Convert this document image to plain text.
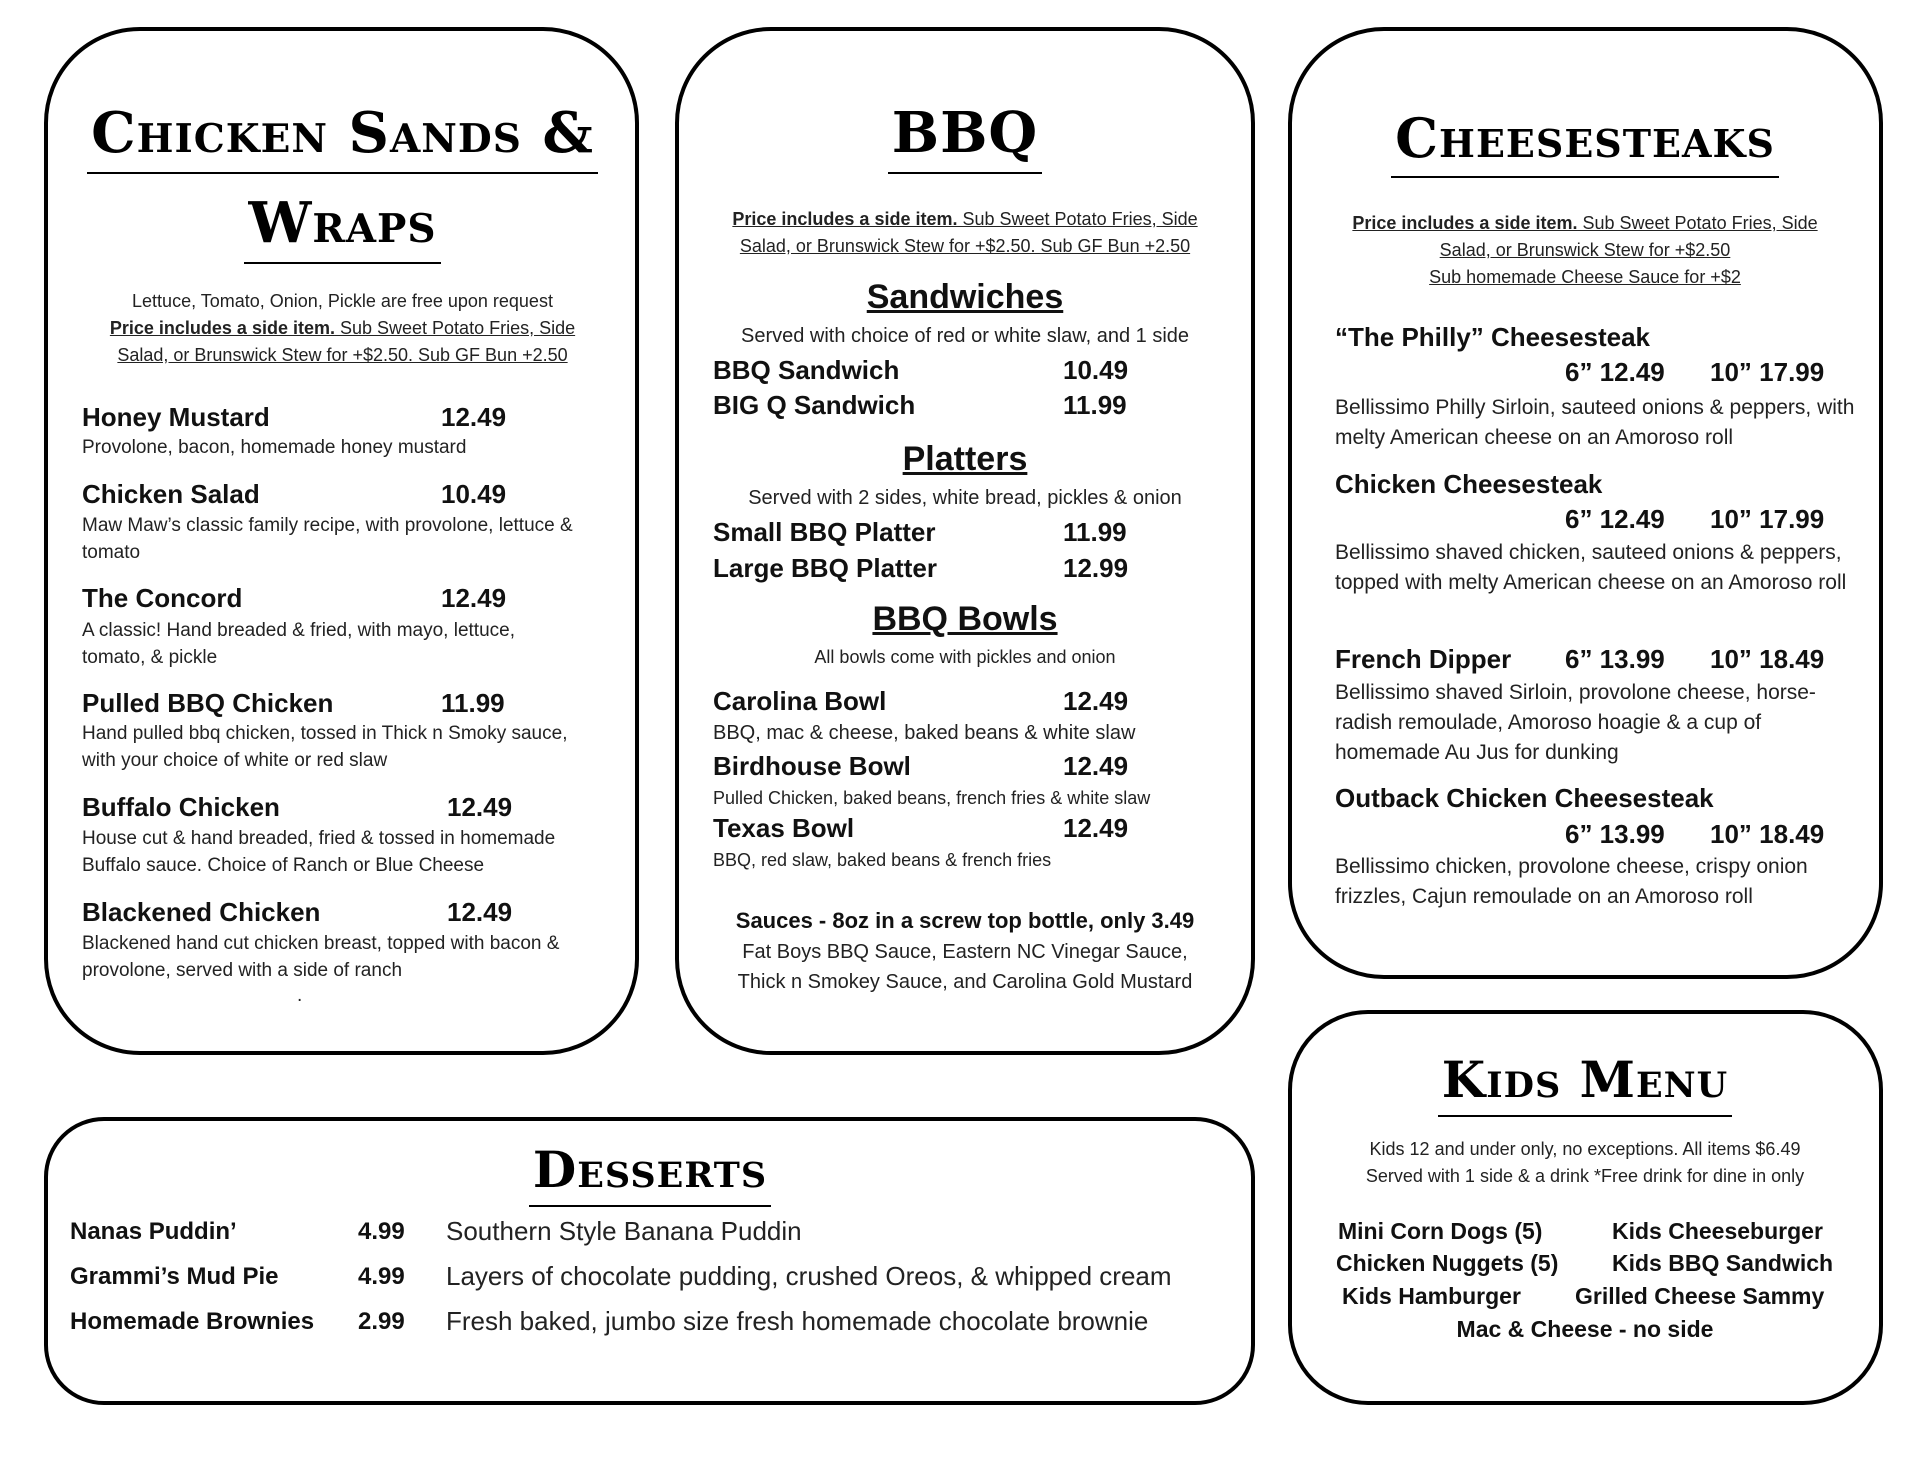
Chicken Sands &
Wraps
Lettuce, Tomato, Onion, Pickle are free upon request
Price includes a side item. Sub Sweet Potato Fries, Side
Salad, or Brunswick Stew for +$2.50. Sub GF Bun +2.50
Honey Mustard	12.49
Provolone, bacon, homemade honey mustard
Chicken Salad	10.49
Maw Maw’s classic family recipe, with provolone, lettuce & tomato
The Concord	12.49
A classic! Hand breaded & fried, with mayo, lettuce, tomato, & pickle
Pulled BBQ Chicken	11.99
Hand pulled bbq chicken, tossed in Thick n Smoky sauce, with your choice of white or red slaw
Buffalo Chicken	12.49
House cut & hand breaded, fried & tossed in homemade Buffalo sauce. Choice of Ranch or Blue Cheese
Blackened Chicken	12.49
Blackened hand cut chicken breast, topped with bacon & provolone, served with a side of ranch
.
BBQ
Price includes a side item. Sub Sweet Potato Fries, Side
Salad, or Brunswick Stew for +$2.50. Sub GF Bun +2.50
Sandwiches
Served with choice of red or white slaw, and 1 side
BBQ Sandwich	10.49
BIG Q Sandwich	11.99
Platters
Served with 2 sides, white bread, pickles & onion
Small BBQ Platter	11.99
Large BBQ Platter	12.99
BBQ Bowls
All bowls come with pickles and onion
Carolina Bowl	12.49
BBQ, mac & cheese, baked beans & white slaw
Birdhouse Bowl	12.49
Pulled Chicken, baked beans, french fries & white slaw
Texas Bowl	12.49
BBQ, red slaw, baked beans & french fries
Sauces - 8oz in a screw top bottle, only 3.49
Fat Boys BBQ Sauce, Eastern NC Vinegar Sauce,
Thick n Smokey Sauce, and Carolina Gold Mustard
Cheesesteaks
Price includes a side item. Sub Sweet Potato Fries, Side
Salad, or Brunswick Stew for +$2.50
Sub homemade Cheese Sauce for +$2
“The Philly” Cheesesteak
6” 12.49 10” 17.99
Bellissimo Philly Sirloin, sauteed onions & peppers, with melty American cheese on an Amoroso roll
Chicken Cheesesteak
6” 12.49 10” 17.99
Bellissimo shaved chicken, sauteed onions & peppers, topped with melty American cheese on an Amoroso roll
French Dipper 6” 13.99 10” 18.49
Bellissimo shaved Sirloin, provolone cheese, horse-radish remoulade, Amoroso hoagie & a cup of homemade Au Jus for dunking
Outback Chicken Cheesesteak
6” 13.99 10” 18.49
Bellissimo chicken, provolone cheese, crispy onion frizzles, Cajun remoulade on an Amoroso roll
Kids Menu
Kids 12 and under only, no exceptions. All items $6.49
Served with 1 side & a drink *Free drink for dine in only
Mini Corn Dogs (5)	Kids Cheeseburger
Chicken Nuggets (5) Kids BBQ Sandwich
Kids Hamburger Grilled Cheese Sammy
Mac & Cheese - no side
Desserts
Nanas Puddin’	4.99 Southern Style Banana Puddin
Grammi’s Mud Pie	4.99 Layers of chocolate pudding, crushed Oreos, & whipped cream
Homemade Brownies 2.99 Fresh baked, jumbo size fresh homemade chocolate brownie
